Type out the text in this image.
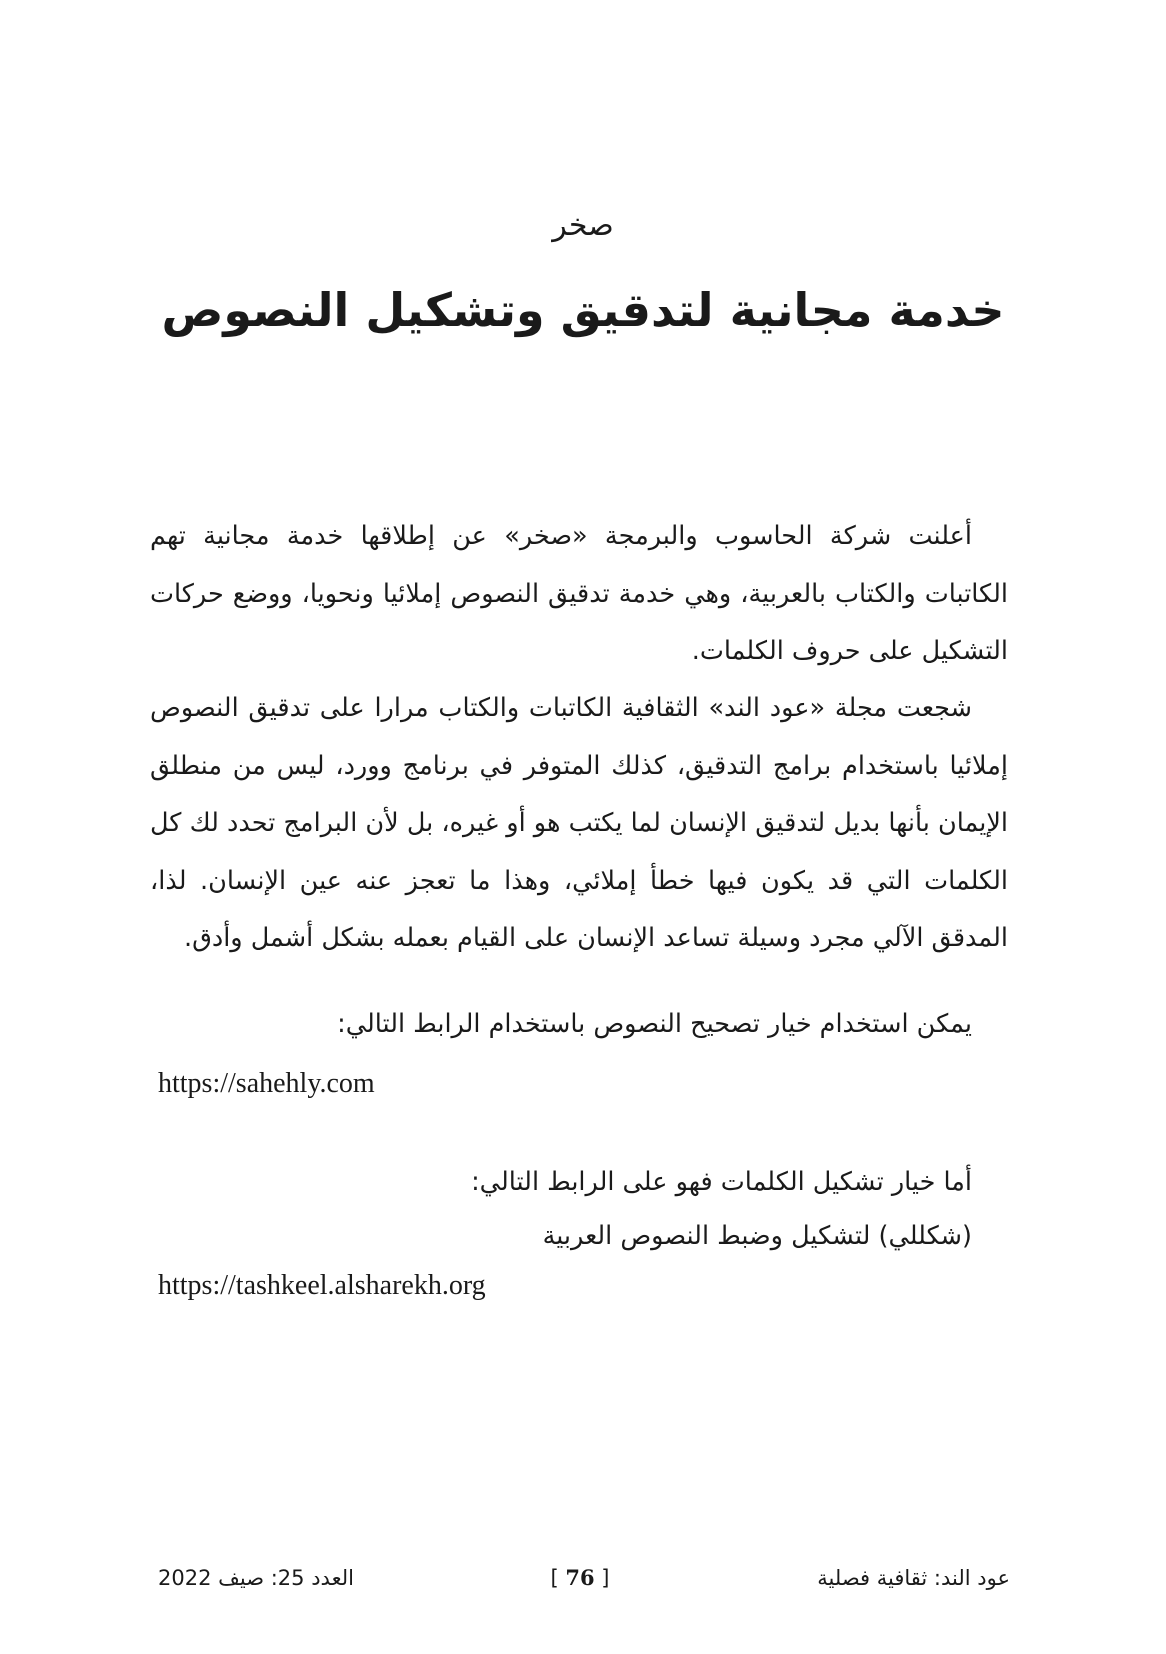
صخر
خدمة مجانية لتدقيق وتشكيل النصوص

أعلنت شركة الحاسوب والبرمجة «صخر» عن إطلاقها خدمة مجانية تهم الكاتبات والكتاب بالعربية، وهي خدمة تدقيق النصوص إملائيا ونحويا، ووضع حركات التشكيل على حروف الكلمات.

شجعت مجلة «عود الند» الثقافية الكاتبات والكتاب مرارا على تدقيق النصوص إملائيا باستخدام برامج التدقيق، كذلك المتوفر في برنامج وورد، ليس من منطلق الإيمان بأنها بديل لتدقيق الإنسان لما يكتب هو أو غيره، بل لأن البرامج تحدد لك كل الكلمات التي قد يكون فيها خطأ إملائي، وهذا ما تعجز عنه عين الإنسان. لذا، المدقق الآلي مجرد وسيلة تساعد الإنسان على القيام بعمله بشكل أشمل وأدق.

يمكن استخدام خيار تصحيح النصوص باستخدام الرابط التالي:

https://sahehly.com
أما خيار تشكيل الكلمات فهو على الرابط التالي:
(شكللي) لتشكيل وضبط النصوص العربية
https://tashkeel.alsharekh.org
عود الند: ثقافية فصلية
[ 76 ]
العدد 25: صيف 2022
